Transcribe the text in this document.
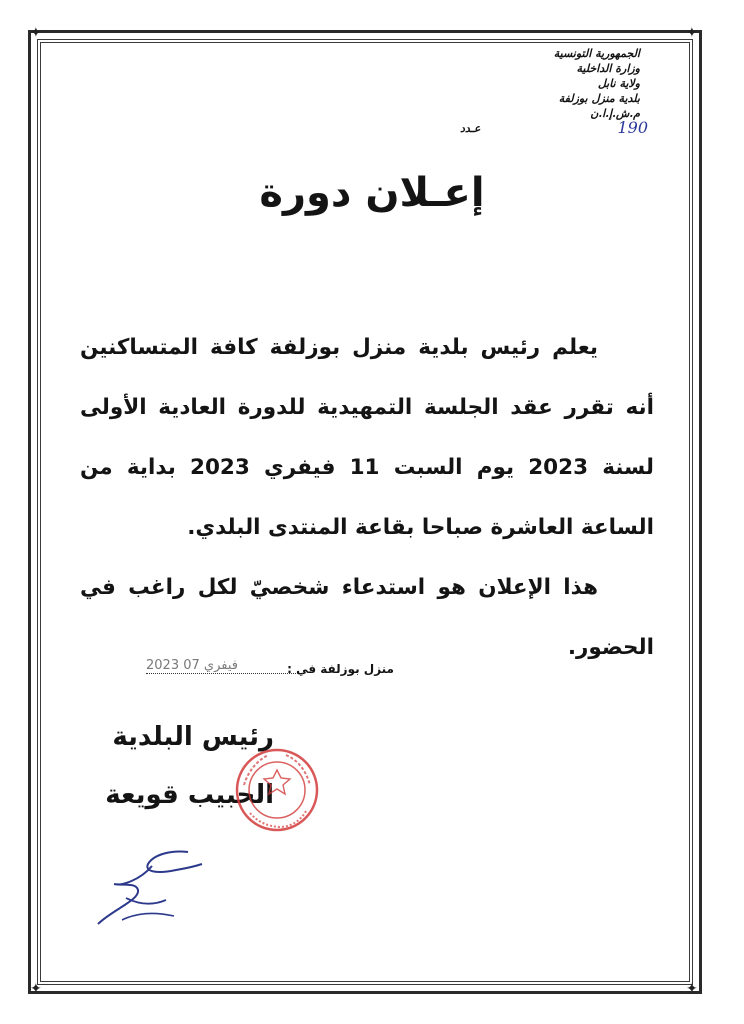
✦	✦
✦	✦
الجمهورية التونسية
وزارة الداخلية
ولاية نابل
بلدية منزل بوزلفة
م.ش.إ.ا.ن
عـدد	190
إعـلان دورة

يعلم رئيس بلدية منزل بوزلفة كافة المتساكنين أنه تقرر عقد الجلسة التمهيدية للدورة العادية الأولى لسنة 2023 يوم السبت 11 فيفري 2023 بداية من الساعة العاشرة صباحا بقاعة المنتدى البلدي.

هذا الإعلان هو استدعاء شخصيّ لكل راغب في الحضور.

منزل بوزلفة في :
2023 فيفري 07
رئيس البلدية
الحبيب قويعة
